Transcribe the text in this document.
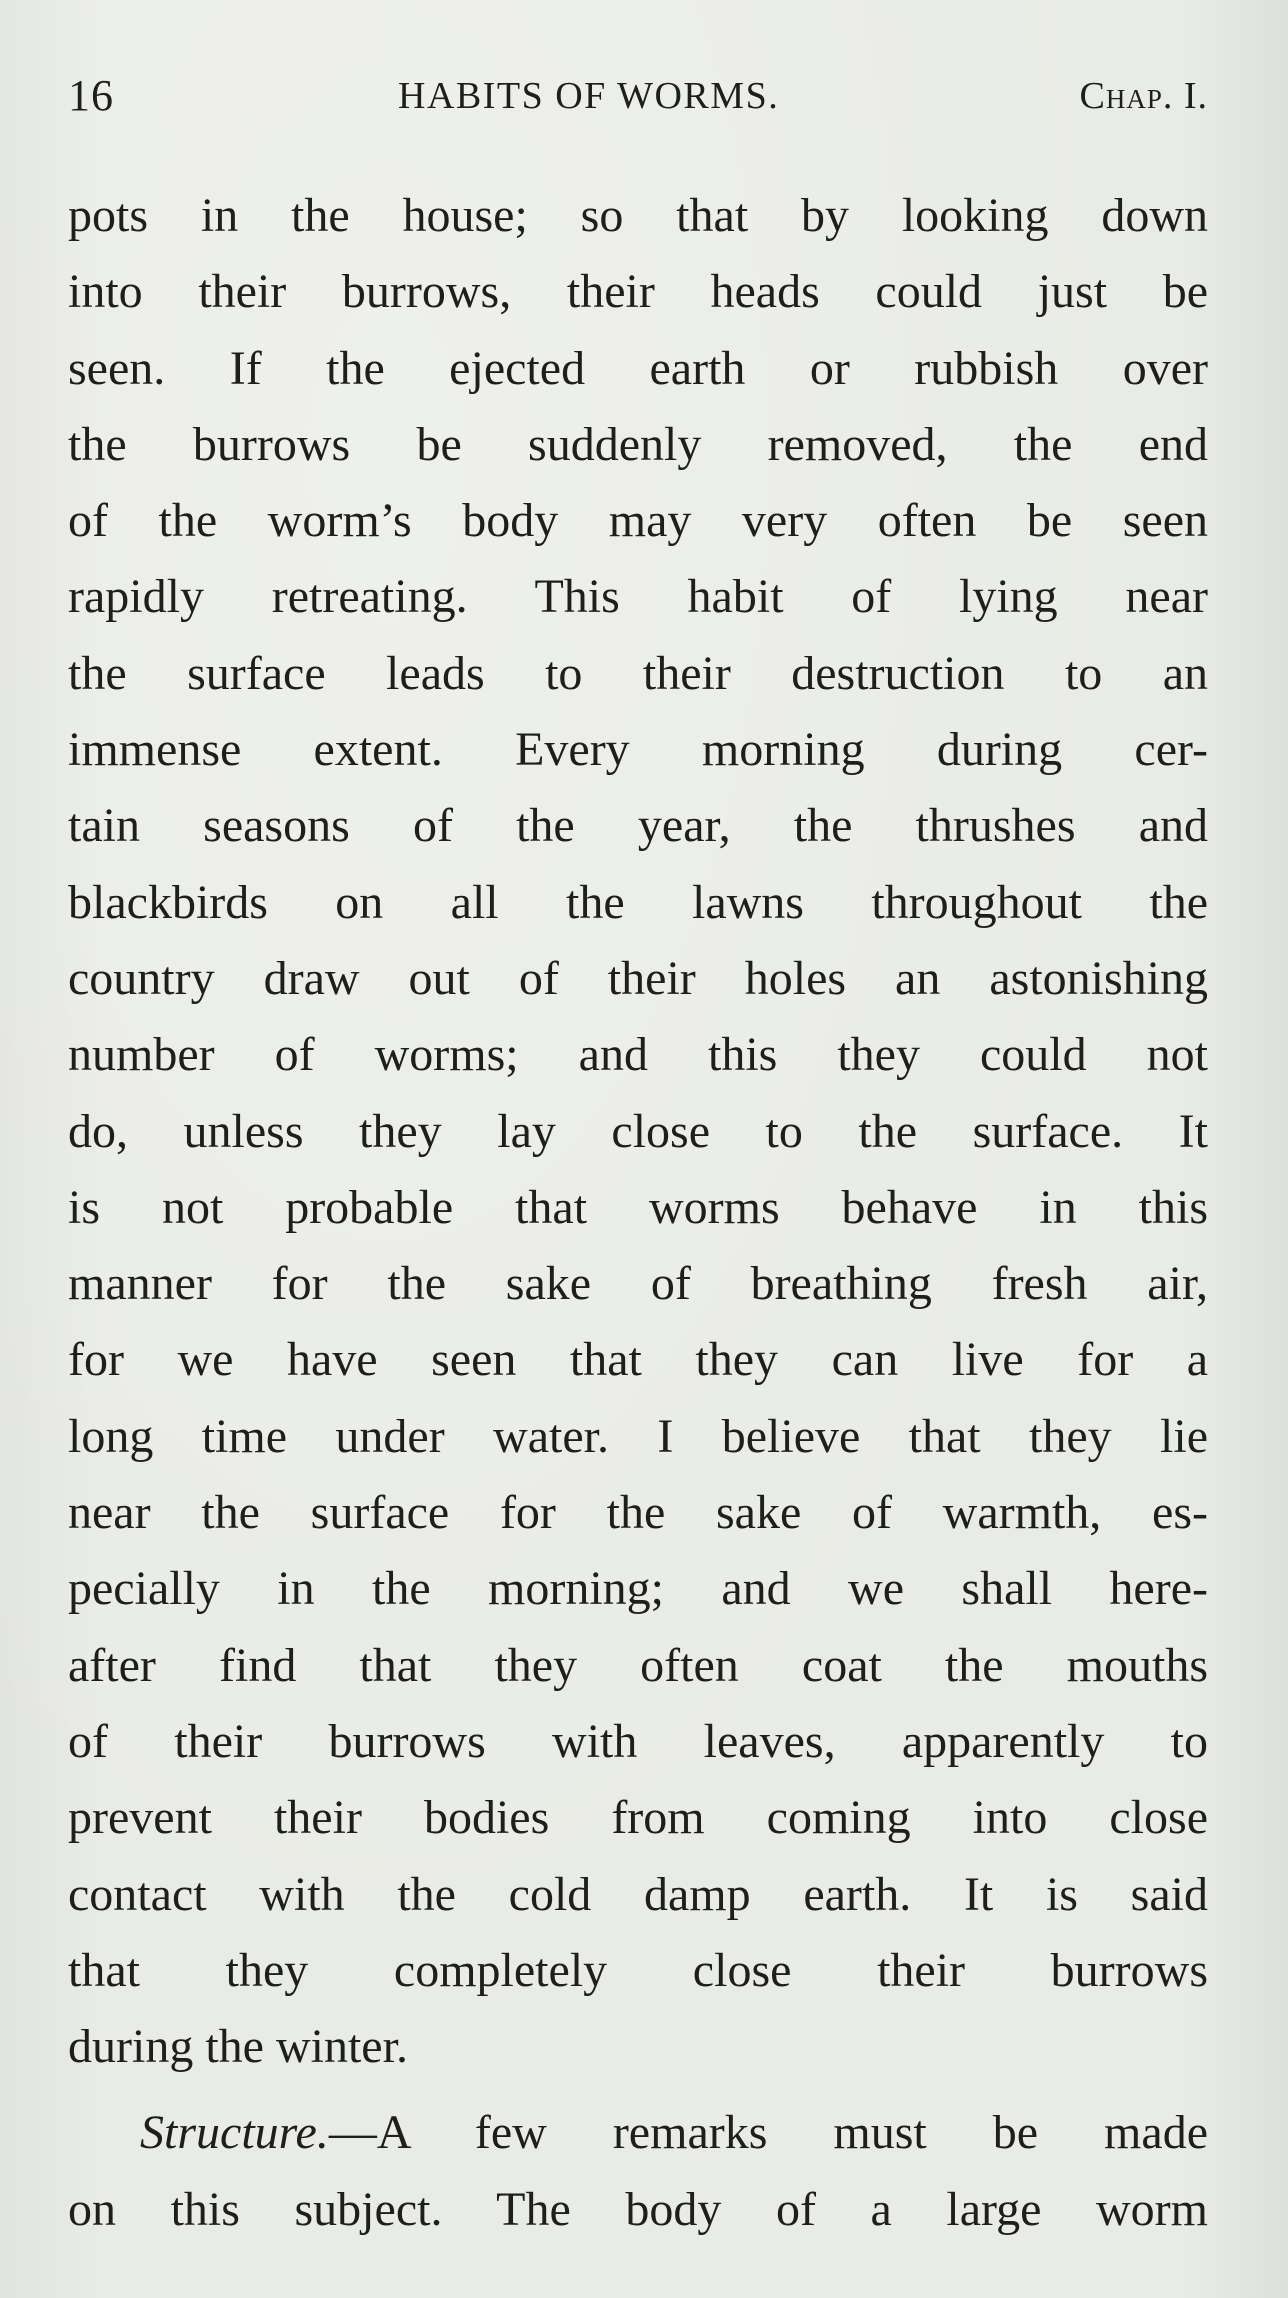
16	HABITS OF WORMS.	Chap. I.
pots in the house; so that by looking down
into their burrows, their heads could just be
seen. If the ejected earth or rubbish over
the burrows be suddenly removed, the end
of the worm’s body may very often be seen
rapidly retreating. This habit of lying near
the surface leads to their destruction to an
immense extent. Every morning during cer-
tain seasons of the year, the thrushes and
blackbirds on all the lawns throughout the
country draw out of their holes an astonishing
number of worms; and this they could not
do, unless they lay close to the surface. It
is not probable that worms behave in this
manner for the sake of breathing fresh air,
for we have seen that they can live for a
long time under water. I believe that they lie
near the surface for the sake of warmth, es-
pecially in the morning; and we shall here-
after find that they often coat the mouths
of their burrows with leaves, apparently to
prevent their bodies from coming into close
contact with the cold damp earth. It is said
that they completely close their burrows
during the winter.
Structure.—A few remarks must be made
on this subject. The body of a large worm
